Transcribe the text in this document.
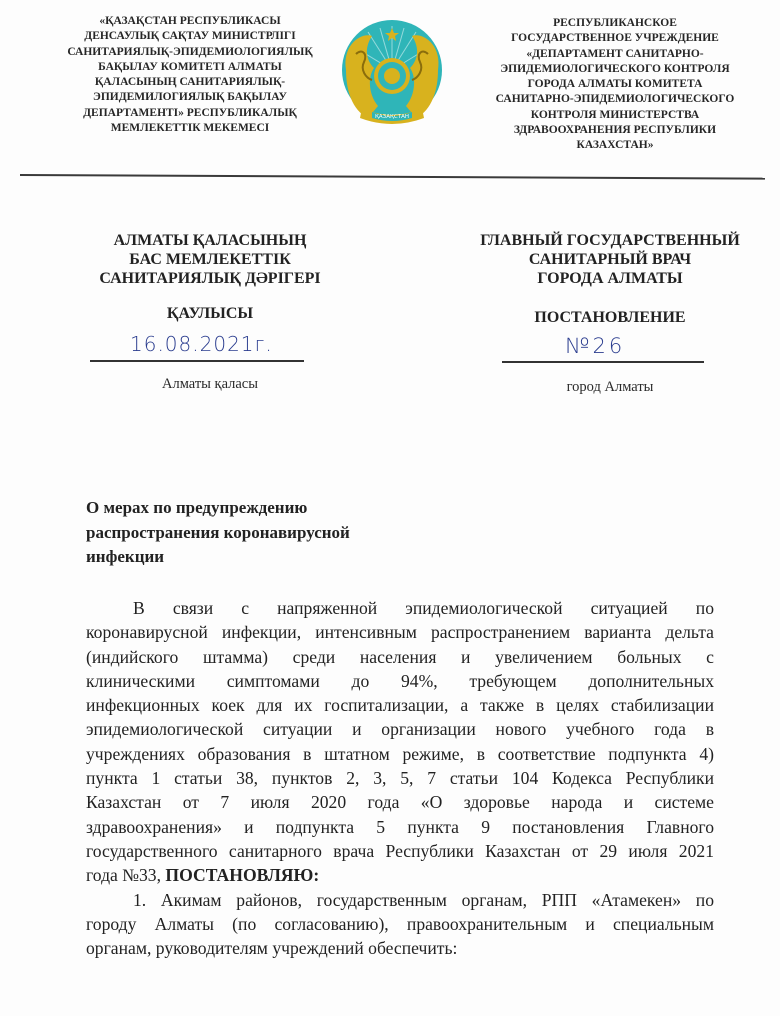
«ҚАЗАҚСТАН РЕСПУБЛИКАСЫ
ДЕНСАУЛЫҚ САҚТАУ МИНИСТРЛІГІ
САНИТАРИЯЛЫҚ-ЭПИДЕМИОЛОГИЯЛЫҚ
БАҚЫЛАУ КОМИТЕТІ АЛМАТЫ
ҚАЛАСЫНЫҢ САНИТАРИЯЛЫҚ-
ЭПИДЕМИЛОГИЯЛЫҚ БАҚЫЛАУ
ДЕПАРТАМЕНТІ» РЕСПУБЛИКАЛЫҚ
МЕМЛЕКЕТТІК МЕКЕМЕСІ
ҚАЗАҚСТАН
РЕСПУБЛИКАНСКОЕ
ГОСУДАРСТВЕННОЕ УЧРЕЖДЕНИЕ
«ДЕПАРТАМЕНТ САНИТАРНО-
ЭПИДЕМИОЛОГИЧЕСКОГО КОНТРОЛЯ
ГОРОДА АЛМАТЫ КОМИТЕТА
САНИТАРНО-ЭПИДЕМИОЛОГИЧЕСКОГО
КОНТРОЛЯ МИНИСТЕРСТВА
ЗДРАВООХРАНЕНИЯ РЕСПУБЛИКИ
КАЗАХСТАН»
АЛМАТЫ ҚАЛАСЫНЫҢ
БАС МЕМЛЕКЕТТІК
САНИТАРИЯЛЫҚ ДӘРІГЕРІ
ГЛАВНЫЙ ГОСУДАРСТВЕННЫЙ
САНИТАРНЫЙ ВРАЧ
ГОРОДА АЛМАТЫ
ҚАУЛЫСЫ	ПОСТАНОВЛЕНИЕ
16.08.2021г.	№26
Алматы қаласы	город Алматы
О мерах по предупреждению
распространения коронавирусной
инфекции
В связи с напряженной эпидемиологической ситуацией по
коронавирусной инфекции, интенсивным распространением варианта дельта
(индийского штамма) среди населения и увеличением больных с
клиническими симптомами до 94%, требующем дополнительных
инфекционных коек для их госпитализации, а также в целях стабилизации
эпидемиологической ситуации и организации нового учебного года в
учреждениях образования в штатном режиме, в соответствие подпункта 4)
пункта 1 статьи 38, пунктов 2, 3, 5, 7 статьи 104 Кодекса Республики
Казахстан от 7 июля 2020 года «О здоровье народа и системе
здравоохранения» и подпункта 5 пункта 9 постановления Главного
государственного санитарного врача Республики Казахстан от 29 июля 2021
года №33, ПОСТАНОВЛЯЮ:
1. Акимам районов, государственным органам, РПП «Атамекен» по
городу Алматы (по согласованию), правоохранительным и специальным
органам, руководителям учреждений обеспечить:
